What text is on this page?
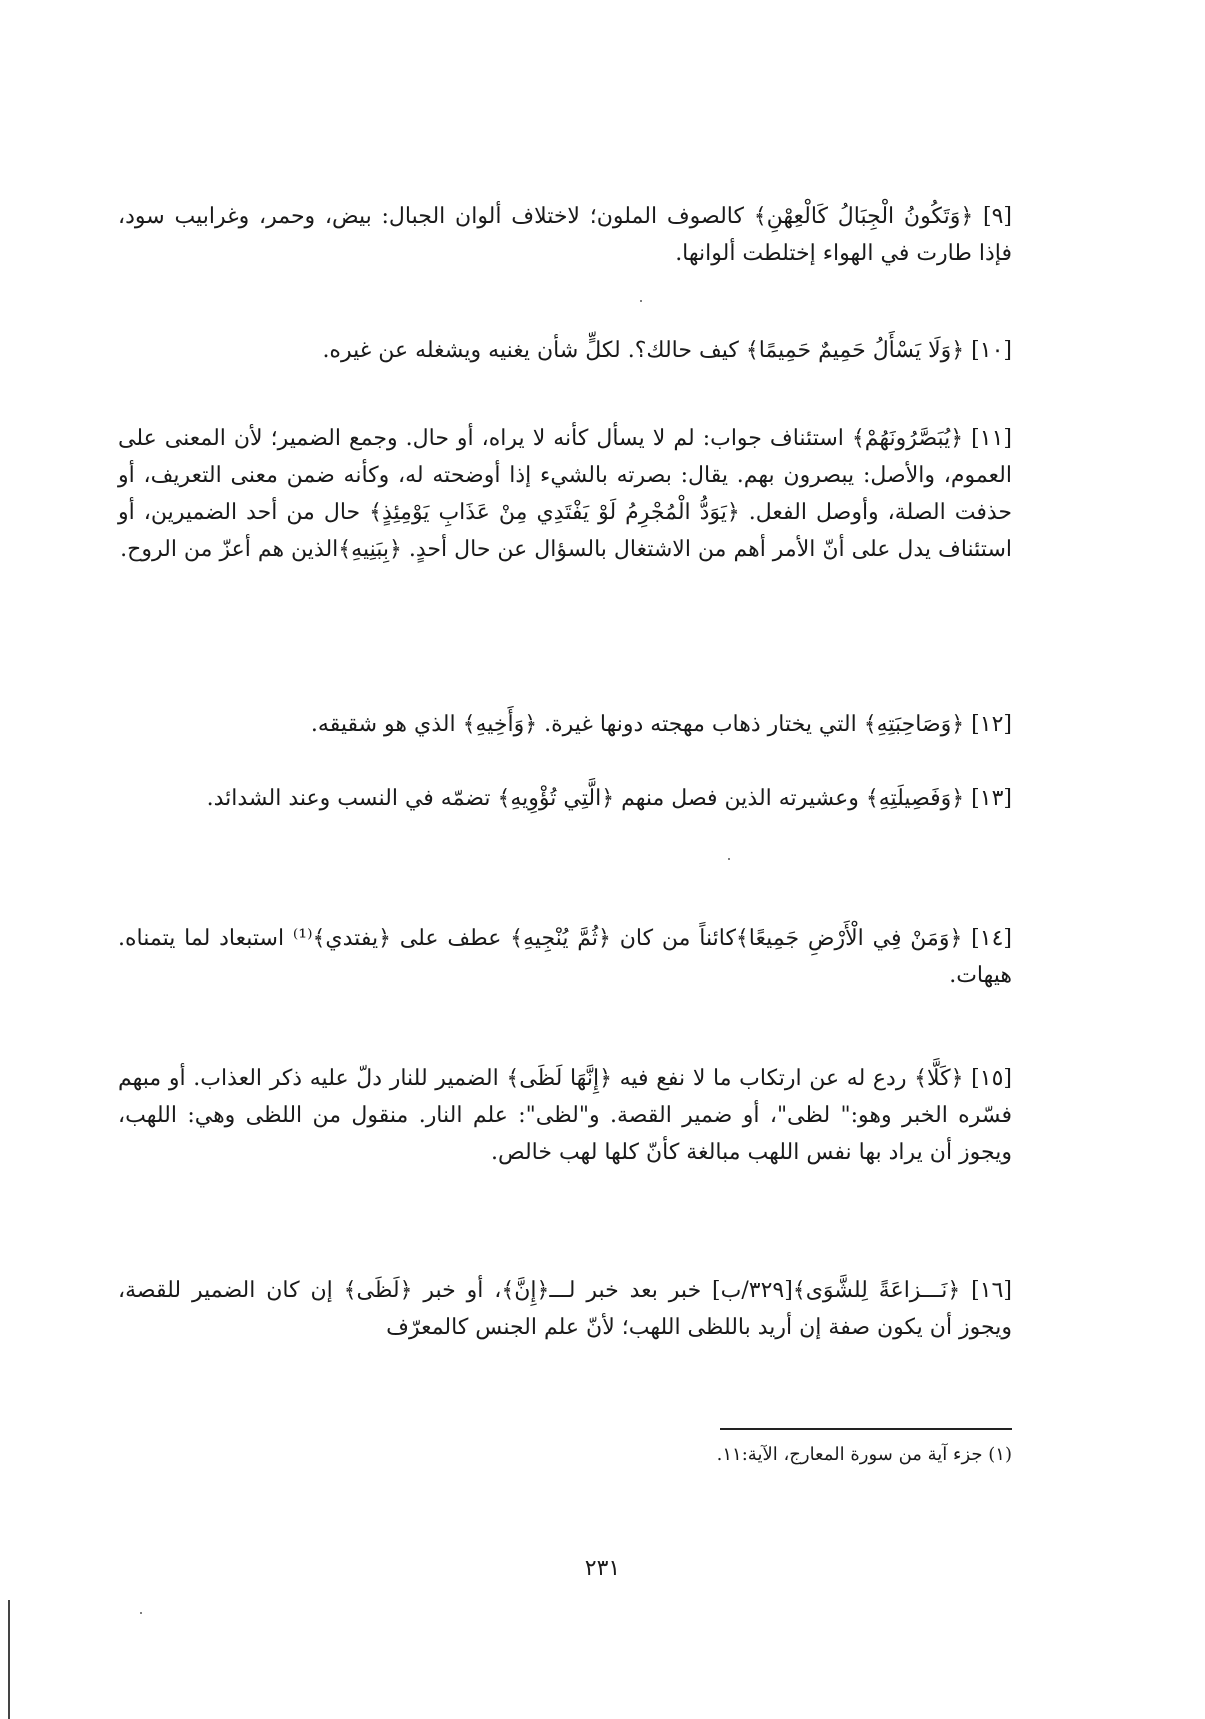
[٩] ﴿وَتَكُونُ الْجِبَالُ كَالْعِهْنِ﴾ كالصوف الملون؛ لاختلاف ألوان الجبال: بيض، وحمر، وغرابيب سود، فإذا طارت في الهواء إختلطت ألوانها.

[١٠] ﴿وَلَا يَسْأَلُ حَمِيمٌ حَمِيمًا﴾ كيف حالك؟. لكلٍّ شأن يغنيه ويشغله عن غيره.

[١١] ﴿يُبَصَّرُونَهُمْ﴾ استئناف جواب: لم لا يسأل كأنه لا يراه، أو حال. وجمع الضمير؛ لأن المعنى على العموم، والأصل: يبصرون بهم. يقال: بصرته بالشيء إذا أوضحته له، وكأنه ضمن معنى التعريف، أو حذفت الصلة، وأوصل الفعل. ﴿يَوَدُّ الْمُجْرِمُ لَوْ يَفْتَدِي مِنْ عَذَابِ يَوْمِئِذٍ﴾ حال من أحد الضميرين، أو استئناف يدل على أنّ الأمر أهم من الاشتغال بالسؤال عن حال أحدٍ. ﴿بِبَنِيهِ﴾الذين هم أعزّ من الروح.

[١٢] ﴿وَصَاحِبَتِهِ﴾ التي يختار ذهاب مهجته دونها غيرة. ﴿وَأَخِيهِ﴾ الذي هو شقيقه.

[١٣] ﴿وَفَصِيلَتِهِ﴾ وعشيرته الذين فصل منهم ﴿الَّتِي تُؤْوِيهِ﴾ تضمّه في النسب وعند الشدائد.

[١٤] ﴿وَمَنْ فِي الْأَرْضِ جَمِيعًا﴾كائناً من كان ﴿ثُمَّ يُنْجِيهِ﴾ عطف على ﴿يفتدي﴾⁽¹⁾ استبعاد لما يتمناه. هيهات.

[١٥] ﴿كَلَّا﴾ ردع له عن ارتكاب ما لا نفع فيه ﴿إِنَّهَا لَظَى﴾ الضمير للنار دلّ عليه ذكر العذاب. أو مبهم فسّره الخبر وهو:" لظى"، أو ضمير القصة. و"لظى": علم النار. منقول من اللظى وهي: اللهب، ويجوز أن يراد بها نفس اللهب مبالغة كأنّ كلها لهب خالص.

[١٦] ﴿نَـــزاعَةً لِلشَّوَى﴾[٣٢٩/ب] خبر بعد خبر لـــ﴿إِنَّ﴾، أو خبر ﴿لَظَى﴾ إن كان الضمير للقصة، ويجوز أن يكون صفة إن أريد باللظى اللهب؛ لأنّ علم الجنس كالمعرّف

(١) جزء آية من سورة المعارج، الآية:١١.
٢٣١
